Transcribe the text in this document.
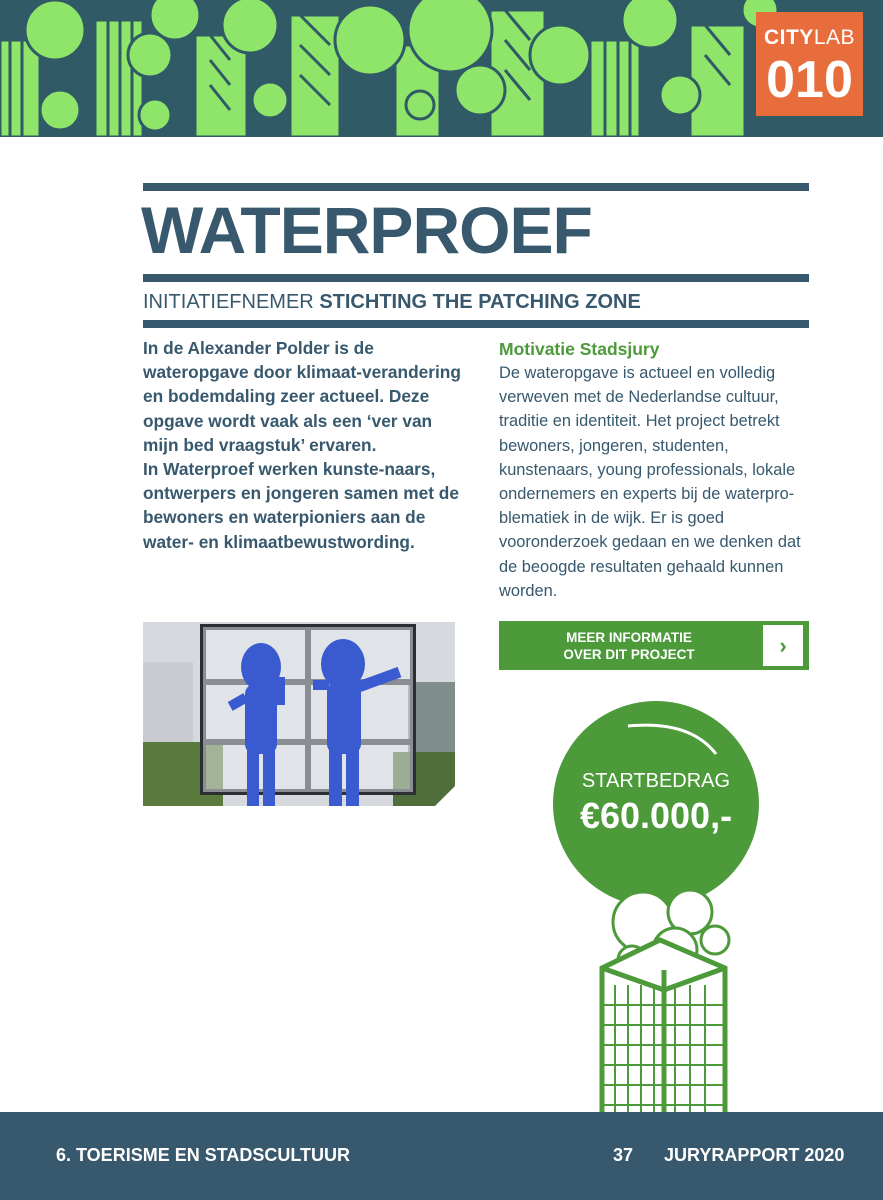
CITYLAB
010
WATERPROEF
INITIATIEFNEMER STICHTING THE PATCHING ZONE

In de Alexander Polder is de wateropgave door klimaat-verandering en bodemdaling zeer actueel. Deze opgave wordt vaak als een ‘ver van mijn bed vraagstuk’ ervaren.

In Waterproef werken kunste-naars, ontwerpers en jongeren samen met de bewoners en waterpioniers aan de water- en klimaatbewustwording.

Motivatie Stadsjury
De wateropgave is actueel en volledig verweven met de Nederlandse cultuur, traditie en identiteit. Het project betrekt bewoners, jongeren, studenten, kunstenaars, young professionals, lokale ondernemers en experts bij de waterpro-blematiek in de wijk. Er is goed vooronderzoek gedaan en we denken dat de beoogde resultaten gehaald kunnen worden.
MEER INFORMATIE
OVER DIT PROJECT	›
STARTBEDRAG
€60.000,-
6. TOERISME EN STADSCULTUUR	37 JURYRAPPORT 2020
